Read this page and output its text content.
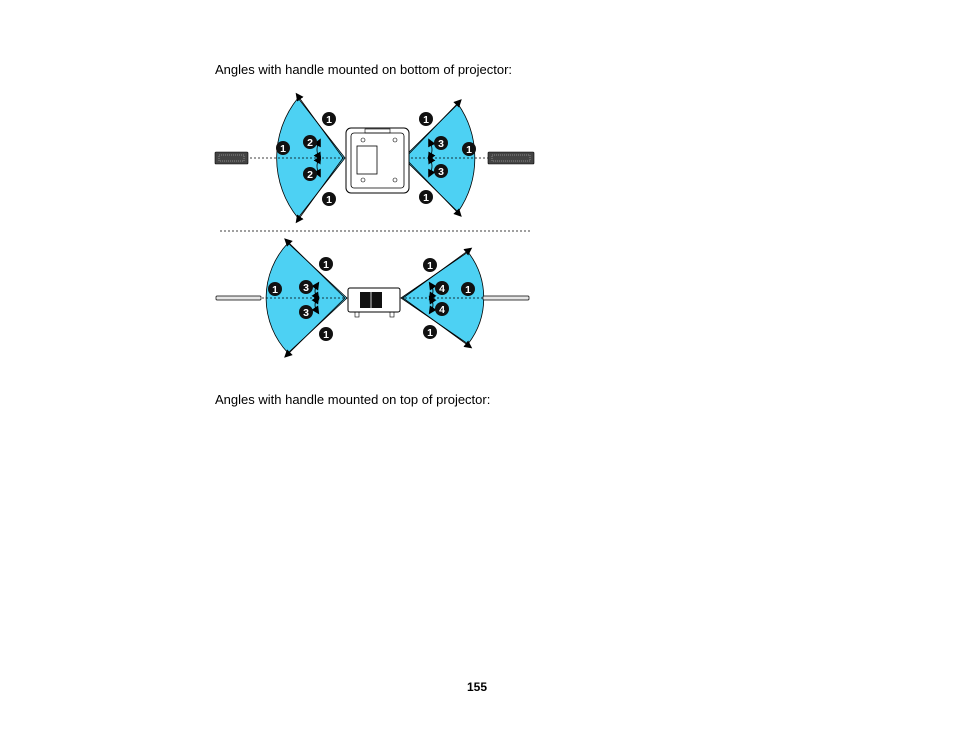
Angles with handle mounted on bottom of projector:
1
1 2
2
1
1
3 1
3
1
1
1 3
3
1
1
4 1
4
1
Angles with handle mounted on top of projector:
155
